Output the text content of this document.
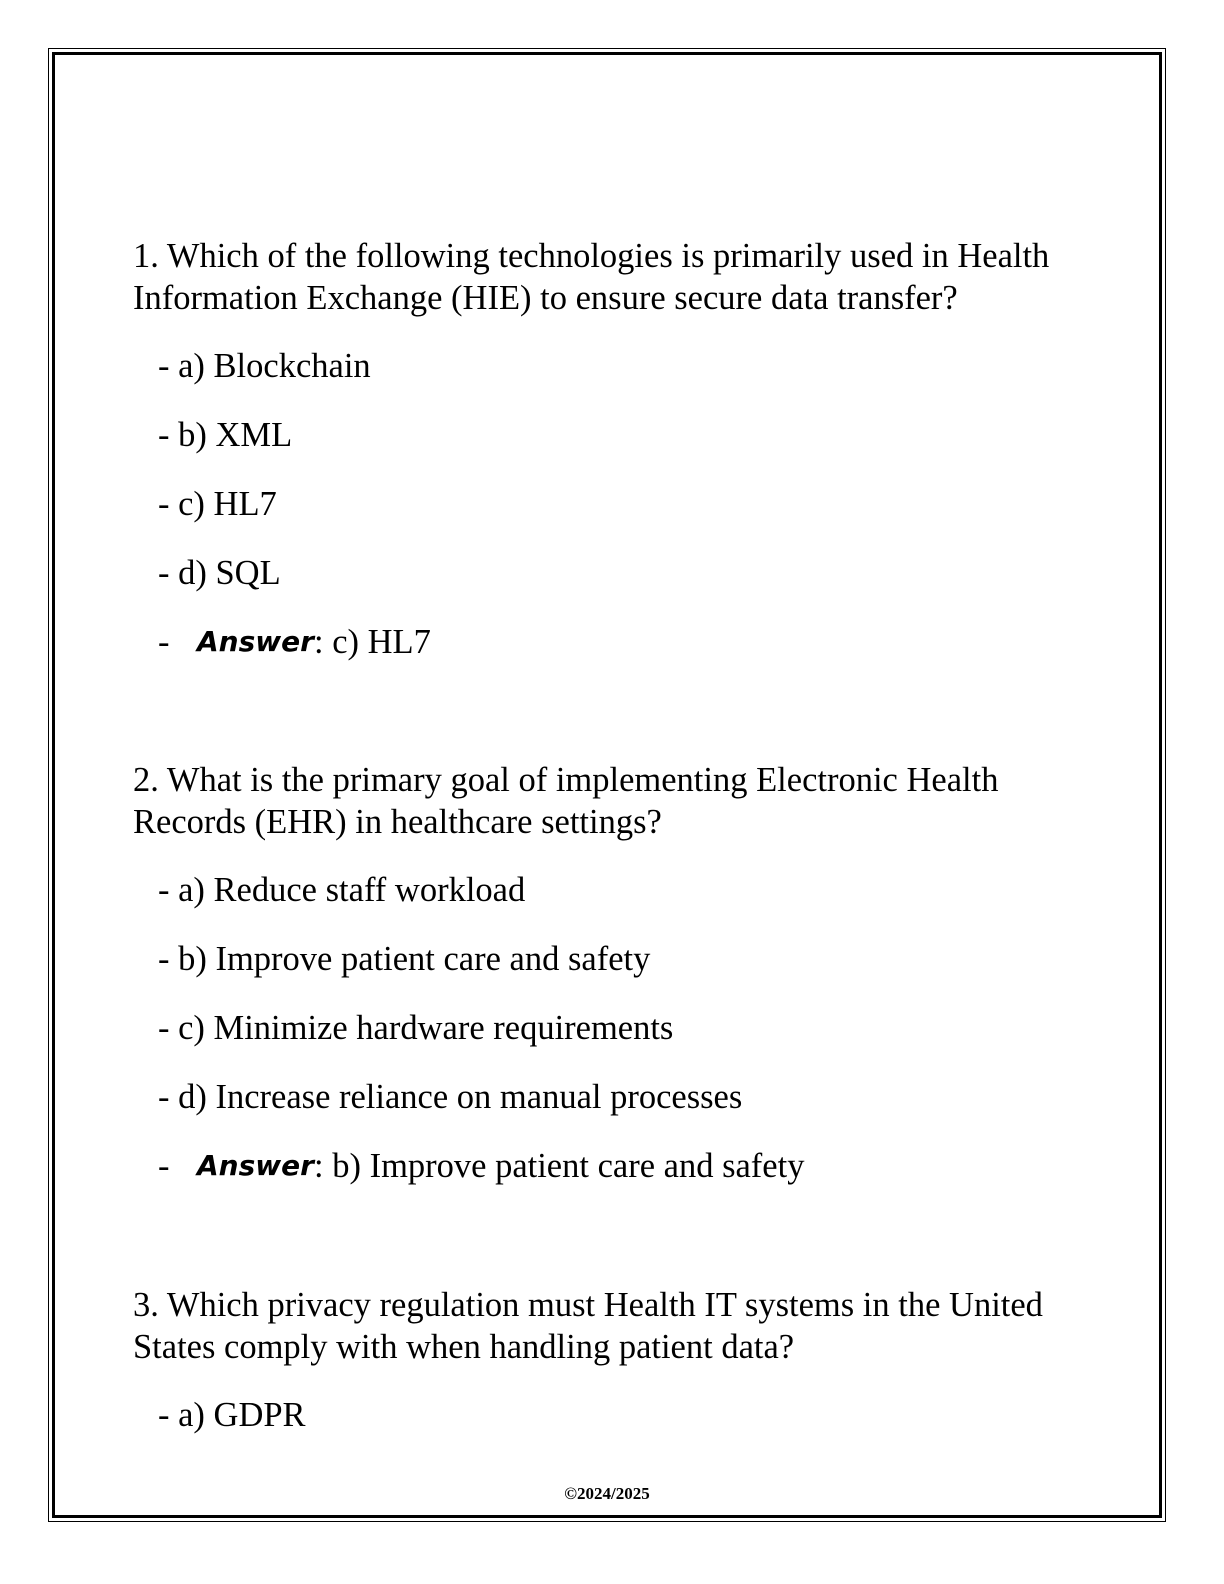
1. Which of the following technologies is primarily used in Health
Information Exchange (HIE) to ensure secure data transfer?
- a) Blockchain
- b) XML
- c) HL7
- d) SQL
- Answer : c) HL7
2. What is the primary goal of implementing Electronic Health
Records (EHR) in healthcare settings?
- a) Reduce staff workload
- b) Improve patient care and safety
- c) Minimize hardware requirements
- d) Increase reliance on manual processes
- Answer : b) Improve patient care and safety
3. Which privacy regulation must Health IT systems in the United
States comply with when handling patient data?
- a) GDPR
©2024/2025
